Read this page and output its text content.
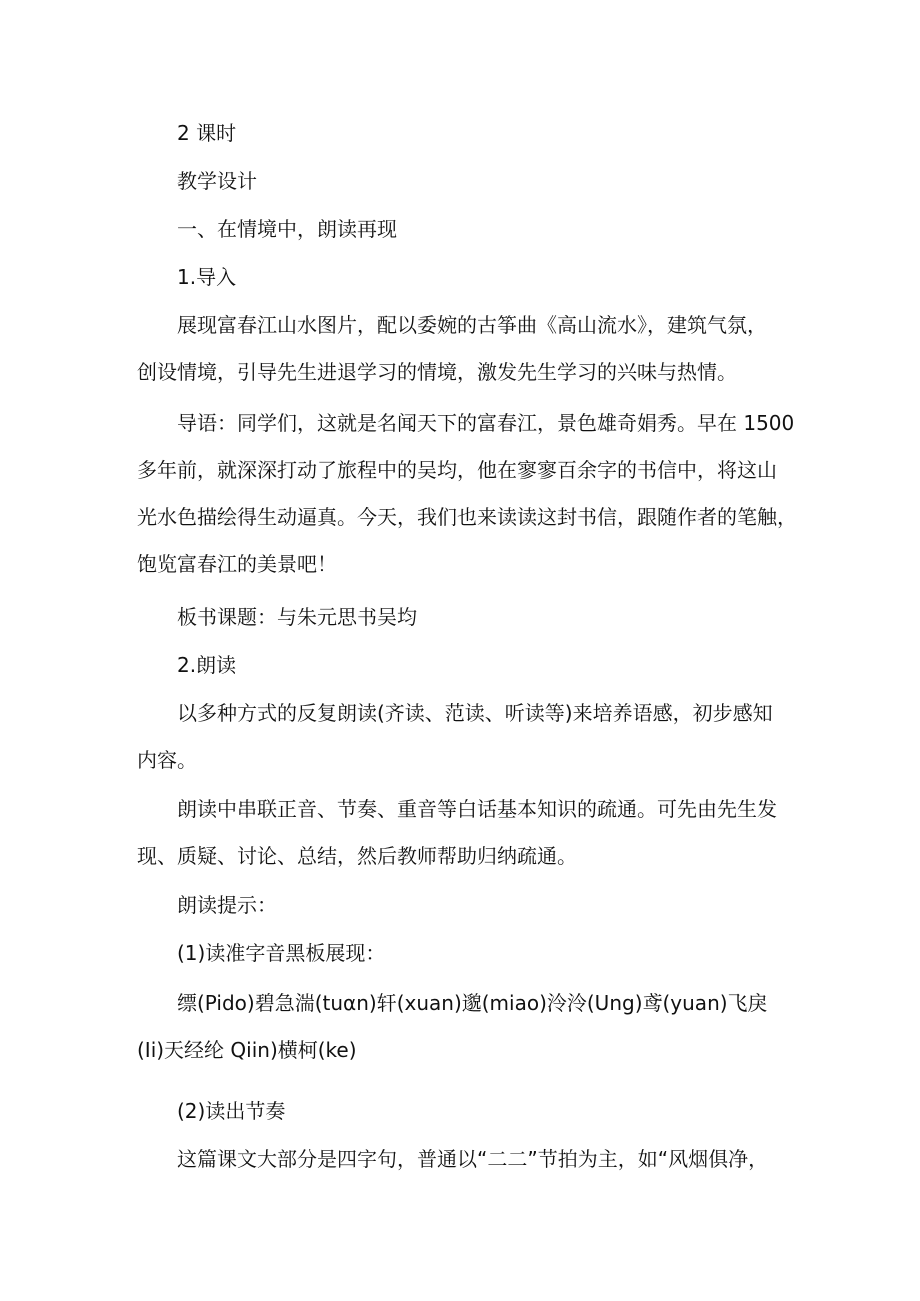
2 课时
教学设计
一、在情境中，朗读再现
1.导入
展现富春江山水图片，配以委婉的古筝曲《高山流水》，建筑气氛，
创设情境，引导先生进退学习的情境，激发先生学习的兴味与热情。
导语：同学们，这就是名闻天下的富春江，景色雄奇娟秀。早在 1500
多年前，就深深打动了旅程中的吴均，他在寥寥百余字的书信中，将这山
光水色描绘得生动逼真。今天，我们也来读读这封书信，跟随作者的笔触，
饱览富春江的美景吧！
板书课题：与朱元思书吴均
2.朗读
以多种方式的反复朗读(齐读、范读、听读等)来培养语感，初步感知
内容。
朗读中串联正音、节奏、重音等白话基本知识的疏通。可先由先生发
现、质疑、讨论、总结，然后教师帮助归纳疏通。
朗读提示：
(1)读准字音黑板展现：
缥(Pido)碧急湍(tuαn)轩(xuan)邈(miao)泠泠(Ung)鸢(yuan)飞戾
(Ii)天经纶 Qiin)横柯(ke)
(2)读出节奏
这篇课文大部分是四字句，普通以“二二”节拍为主，如“风烟俱净，
